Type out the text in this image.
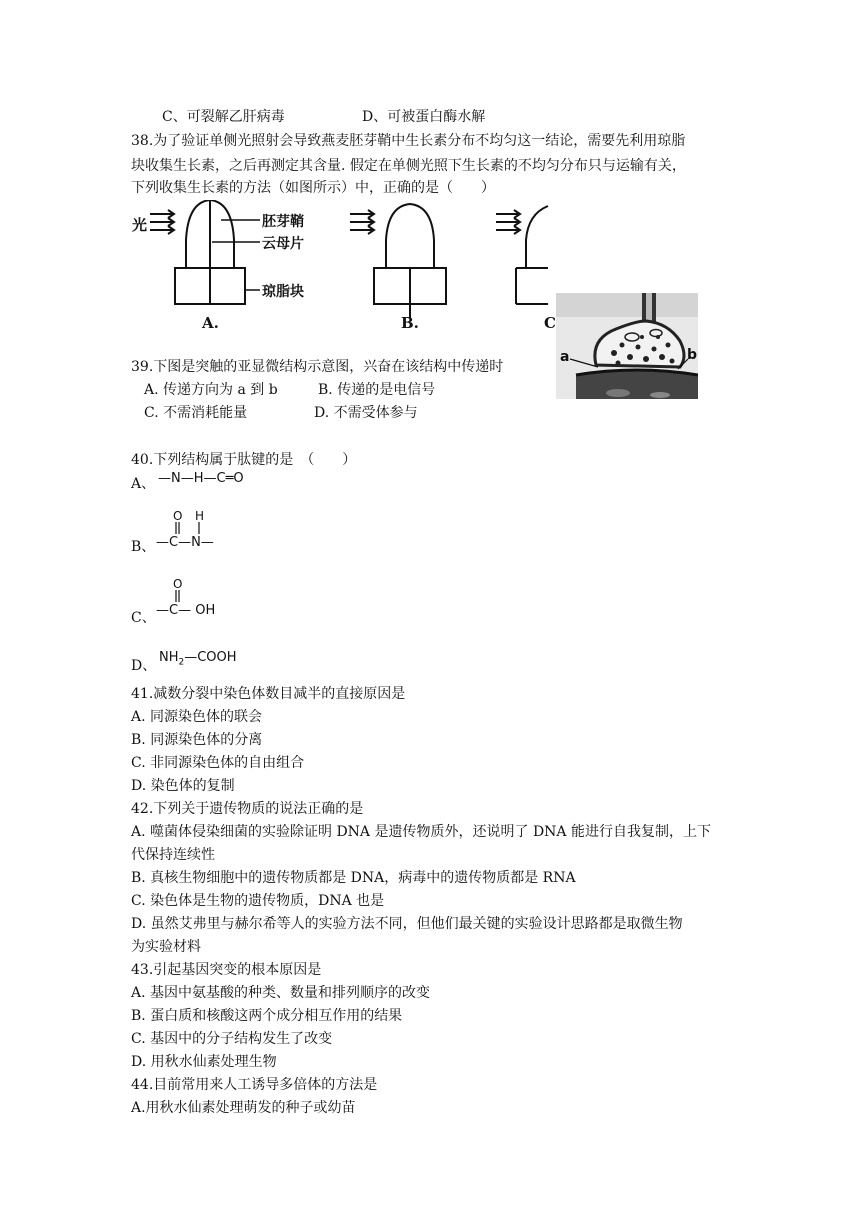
C、可裂解乙肝病毒	D、可被蛋白酶水解
38.为了验证单侧光照射会导致燕麦胚芽鞘中生长素分布不均匀这一结论，需要先利用琼脂
块收集生长素，之后再测定其含量. 假定在单侧光照下生长素的不均匀分布只与运输有关，
下列收集生长素的方法（如图所示）中，正确的是（　　）
光	胚芽鞘
云母片
琼脂块
A.	B.	C
a	b
39.下图是突触的亚显微结构示意图，兴奋在该结构中传递时
A. 传递方向为 a 到 b	B. 传递的是电信号
C. 不需消耗能量	D. 不需受体参与
40.下列结构属于肽键的是　（　　）
A、 —N—H—C═O
O H
B、 —C—N—
O
C、 —C— OH
D、
$NH_2—COOH$
41.减数分裂中染色体数目减半的直接原因是
A. 同源染色体的联会
B. 同源染色体的分离
C. 非同源染色体的自由组合
D. 染色体的复制
42.下列关于遗传物质的说法正确的是
A. 噬菌体侵染细菌的实验除证明 DNA 是遗传物质外，还说明了 DNA 能进行自我复制，上下
代保持连续性
B. 真核生物细胞中的遗传物质都是 DNA，病毒中的遗传物质都是 RNA
C. 染色体是生物的遗传物质，DNA 也是
D. 虽然艾弗里与赫尔希等人的实验方法不同，但他们最关键的实验设计思路都是取微生物
为实验材料
43.引起基因突变的根本原因是
A. 基因中氨基酸的种类、数量和排列顺序的改变
B. 蛋白质和核酸这两个成分相互作用的结果
C. 基因中的分子结构发生了改变
D. 用秋水仙素处理生物
44.目前常用来人工诱导多倍体的方法是
A.用秋水仙素处理萌发的种子或幼苗
